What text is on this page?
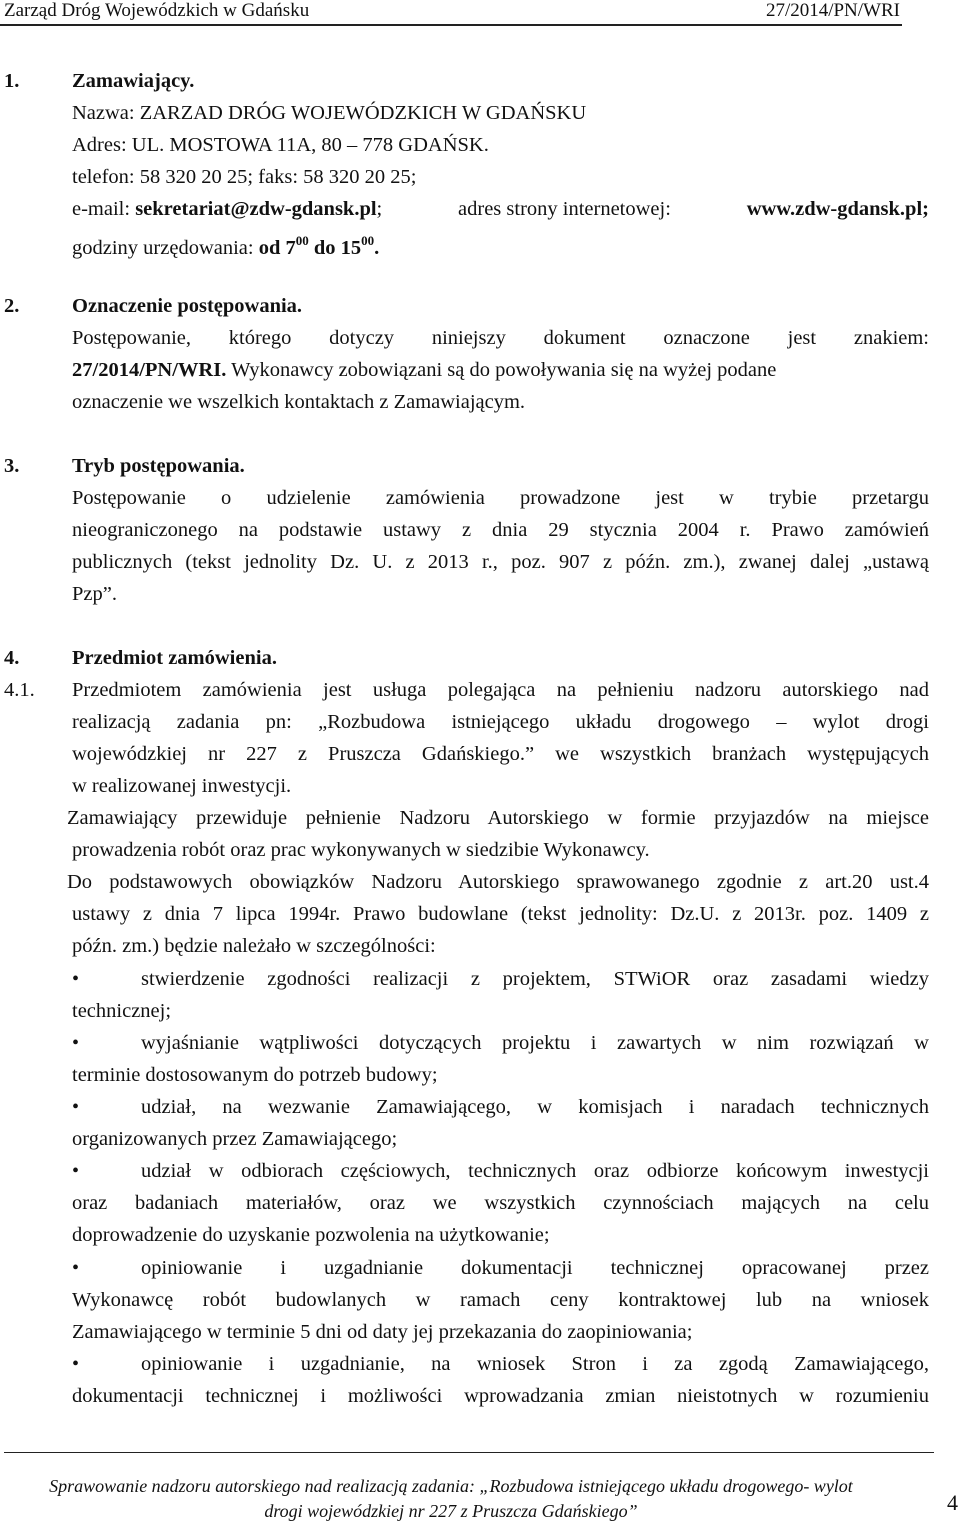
Zarząd Dróg Wojewódzkich w Gdańsku	27/2014/PN/WRI
1.	Zamawiający.
Nazwa: ZARZAD DRÓG WOJEWÓDZKICH W GDAŃSKU
Adres: UL. MOSTOWA 11A, 80 – 778 GDAŃSK.
telefon: 58 320 20 25; faks: 58 320 20 25;
e-mail: sekretariat@zdw-gdansk.pl;	adres strony internetowej:	www.zdw-gdansk.pl;
godziny urzędowania: od $7^{00}$ do $15^{00}$.
2.	Oznaczenie postępowania.
Postępowanie, którego dotyczy niniejszy dokument oznaczone jest znakiem:
27/2014/PN/WRI. Wykonawcy zobowiązani są do powoływania się na wyżej podane
oznaczenie we wszelkich kontaktach z Zamawiającym.
3.	Tryb postępowania.
Postępowanie o udzielenie zamówienia prowadzone jest w trybie przetargu
nieograniczonego na podstawie ustawy z dnia 29 stycznia 2004 r. Prawo zamówień
publicznych (tekst jednolity Dz. U. z 2013 r., poz. 907 z późn. zm.), zwanej dalej „ustawą
Pzp”.
4.	Przedmiot zamówienia.
4.1. Przedmiotem zamówienia jest usługa polegająca na pełnieniu nadzoru autorskiego nad
realizacją zadania pn: „Rozbudowa istniejącego układu drogowego – wylot drogi
wojewódzkiej nr 227 z Pruszcza Gdańskiego.” we wszystkich branżach występujących
w realizowanej inwestycji.
Zamawiający przewiduje pełnienie Nadzoru Autorskiego w formie przyjazdów na miejsce
prowadzenia robót oraz prac wykonywanych w siedzibie Wykonawcy.
Do podstawowych obowiązków Nadzoru Autorskiego sprawowanego zgodnie z art.20 ust.4
ustawy z dnia 7 lipca 1994r. Prawo budowlane (tekst jednolity: Dz.U. z 2013r. poz. 1409 z
późn. zm.) będzie należało w szczególności:
•	stwierdzenie zgodności realizacji z projektem, STWiOR oraz zasadami wiedzy
technicznej;
•	wyjaśnianie wątpliwości dotyczących projektu i zawartych w nim rozwiązań w
terminie dostosowanym do potrzeb budowy;
•	udział, na wezwanie Zamawiającego, w komisjach i naradach technicznych
organizowanych przez Zamawiającego;
•	udział w odbiorach częściowych, technicznych oraz odbiorze końcowym inwestycji
oraz badaniach materiałów, oraz we wszystkich czynnościach mających na celu
doprowadzenie do uzyskanie pozwolenia na użytkowanie;
•	opiniowanie i uzgadnianie dokumentacji technicznej opracowanej przez
Wykonawcę robót budowlanych w ramach ceny kontraktowej lub na wniosek
Zamawiającego w terminie 5 dni od daty jej przekazania do zaopiniowania;
•	opiniowanie i uzgadnianie, na wniosek Stron i za zgodą Zamawiającego,
dokumentacji technicznej i możliwości wprowadzania zmian nieistotnych w rozumieniu
Sprawowanie nadzoru autorskiego nad realizacją zadania: „Rozbudowa istniejącego układu drogowego- wylot
drogi wojewódzkiej nr 227 z Pruszcza Gdańskiego”	4
